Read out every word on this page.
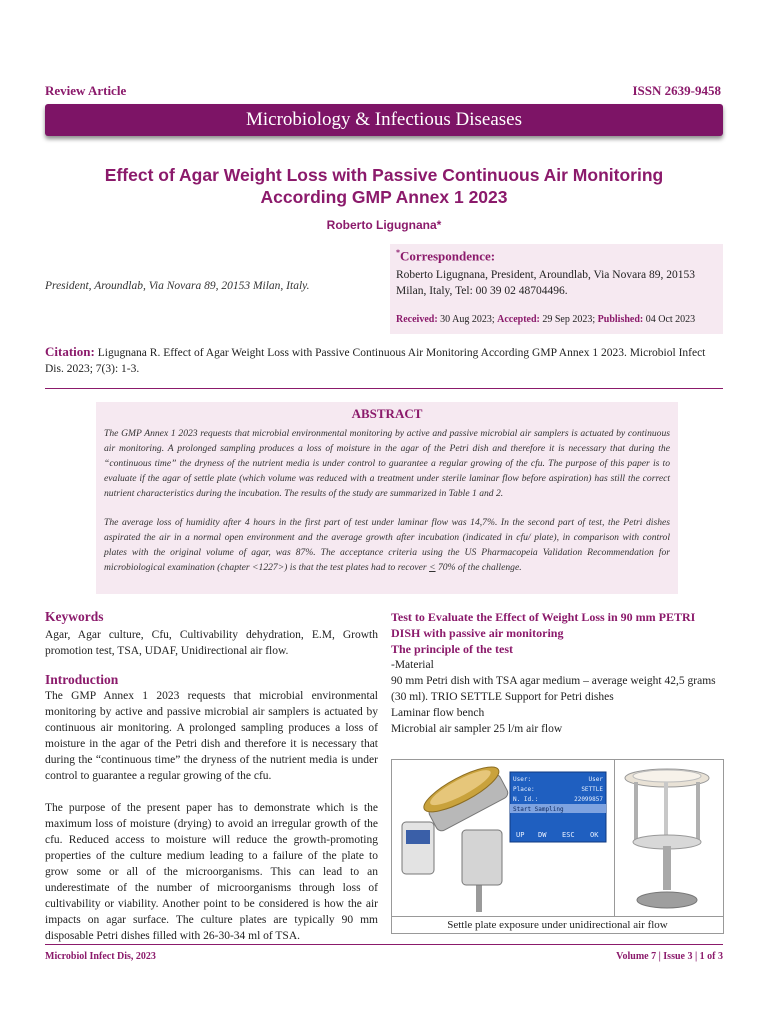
Review Article	ISSN 2639-9458
Microbiology & Infectious Diseases
Effect of Agar Weight Loss with Passive Continuous Air Monitoring
According GMP Annex 1 2023
Roberto Ligugnana*
President, Aroundlab, Via Novara 89, 20153 Milan, Italy.
*Correspondence:
Roberto Ligugnana, President, Aroundlab, Via Novara 89, 20153 Milan, Italy, Tel: 00 39 02 48704496.
Received: 30 Aug 2023; Accepted: 29 Sep 2023; Published: 04 Oct 2023
Citation: Ligugnana R. Effect of Agar Weight Loss with Passive Continuous Air Monitoring According GMP Annex 1 2023. Microbiol Infect Dis. 2023; 7(3): 1-3.
ABSTRACT

The GMP Annex 1 2023 requests that microbial environmental monitoring by active and passive microbial air samplers is actuated by continuous air monitoring. A prolonged sampling produces a loss of moisture in the agar of the Petri dish and therefore it is necessary that during the “continuous time” the dryness of the nutrient media is under control to guarantee a regular growing of the cfu. The purpose of this paper is to evaluate if the agar of settle plate (which volume was reduced with a treatment under sterile laminar flow before aspiration) has still the correct nutrient characteristics during the incubation. The results of the study are summarized in Table 1 and 2.

The average loss of humidity after 4 hours in the first part of test under laminar flow was 14,7%. In the second part of test, the Petri dishes aspirated the air in a normal open environment and the average growth after incubation (indicated in cfu/ plate), in comparison with control plates with the original volume of agar, was 87%. The acceptance criteria using the US Pharmacopeia Validation Recommendation for microbiological examination (chapter <1227>) is that the test plates had to recover < 70% of the challenge.

Keywords
Agar, Agar culture, Cfu, Cultivability dehydration, E.M, Growth promotion test, TSA, UDAF, Unidirectional air flow.
Introduction
The GMP Annex 1 2023 requests that microbial environmental monitoring by active and passive microbial air samplers is actuated by continuous air monitoring. A prolonged sampling produces a loss of moisture in the agar of the Petri dish and therefore it is necessary that during the “continuous time” the dryness of the nutrient media is under control to guarantee a regular growing of the cfu.
The purpose of the present paper has to demonstrate which is the maximum loss of moisture (drying) to avoid an irregular growth of the cfu. Reduced access to moisture will reduce the growth-promoting properties of the culture medium leading to a failure of the plate to grow some or all of the microorganisms. This can lead to an underestimate of the number of microorganisms through loss of cultivability or viability. Another point to be considered is how the air impacts on agar surface. The culture plates are typically 90 mm disposable Petri dishes filled with 26-30-34 ml of TSA.
Test to Evaluate the Effect of Weight Loss in 90 mm PETRI DISH with passive air monitoring
The principle of the test
-Material
90 mm Petri dish with TSA agar medium – average weight 42,5 grams (30 ml). TRIO SETTLE Support for Petri dishes
Laminar flow bench
Microbial air sampler 25 l/m air flow
User:	User
Place:	SETTLE
N. Id.:	22099857
Start Sampling
UP DW ESC OK
Settle plate exposure under unidirectional air flow
Microbiol Infect Dis, 2023	Volume 7 | Issue 3 | 1 of 3
